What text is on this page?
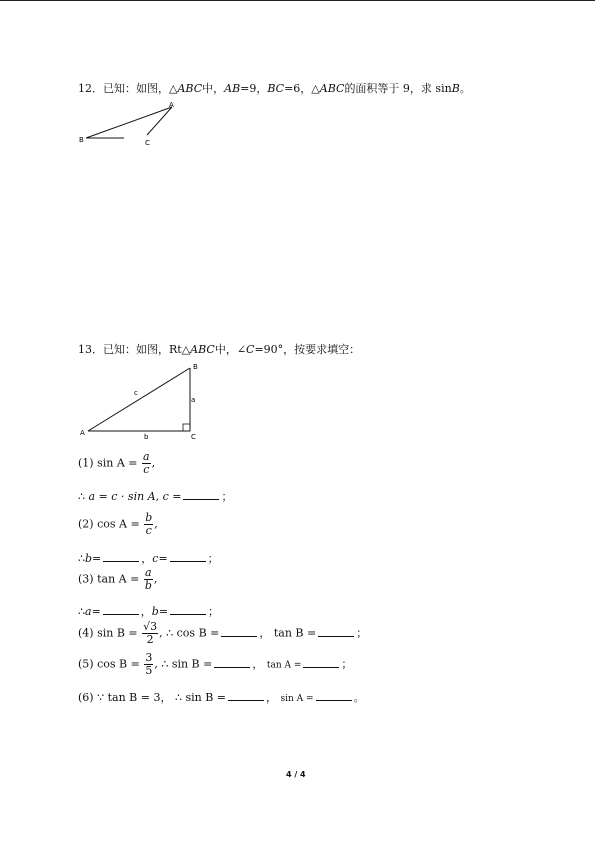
12．已知：如图，△ABC中，AB=9，BC=6，△ABC的面积等于 9，求 sinB。
A
B	C
13．已知：如图，Rt△ABC中，∠C=90°，按要求填空：
A
B
C
a
b
c
(1) $\sin A = \frac{a}{c}$ ,
∴ a = c · sin A, c =	；
(2) $\cos A = \frac{b}{c}$ ,
∴b=	，c=	；
(3) $\tan A = \frac{a}{b}$ ,
∴a=	，b=	；
(4) $\sin B = \frac{√3}{2}$ , ∴ cos B =	， tan B =	；
(5) $\cos B = \frac{3}{5}$ , ∴ sin B =	， tan A =	；
(6) ∵ tan B = 3， ∴ sin B =	， sin A =	。
4 / 4
